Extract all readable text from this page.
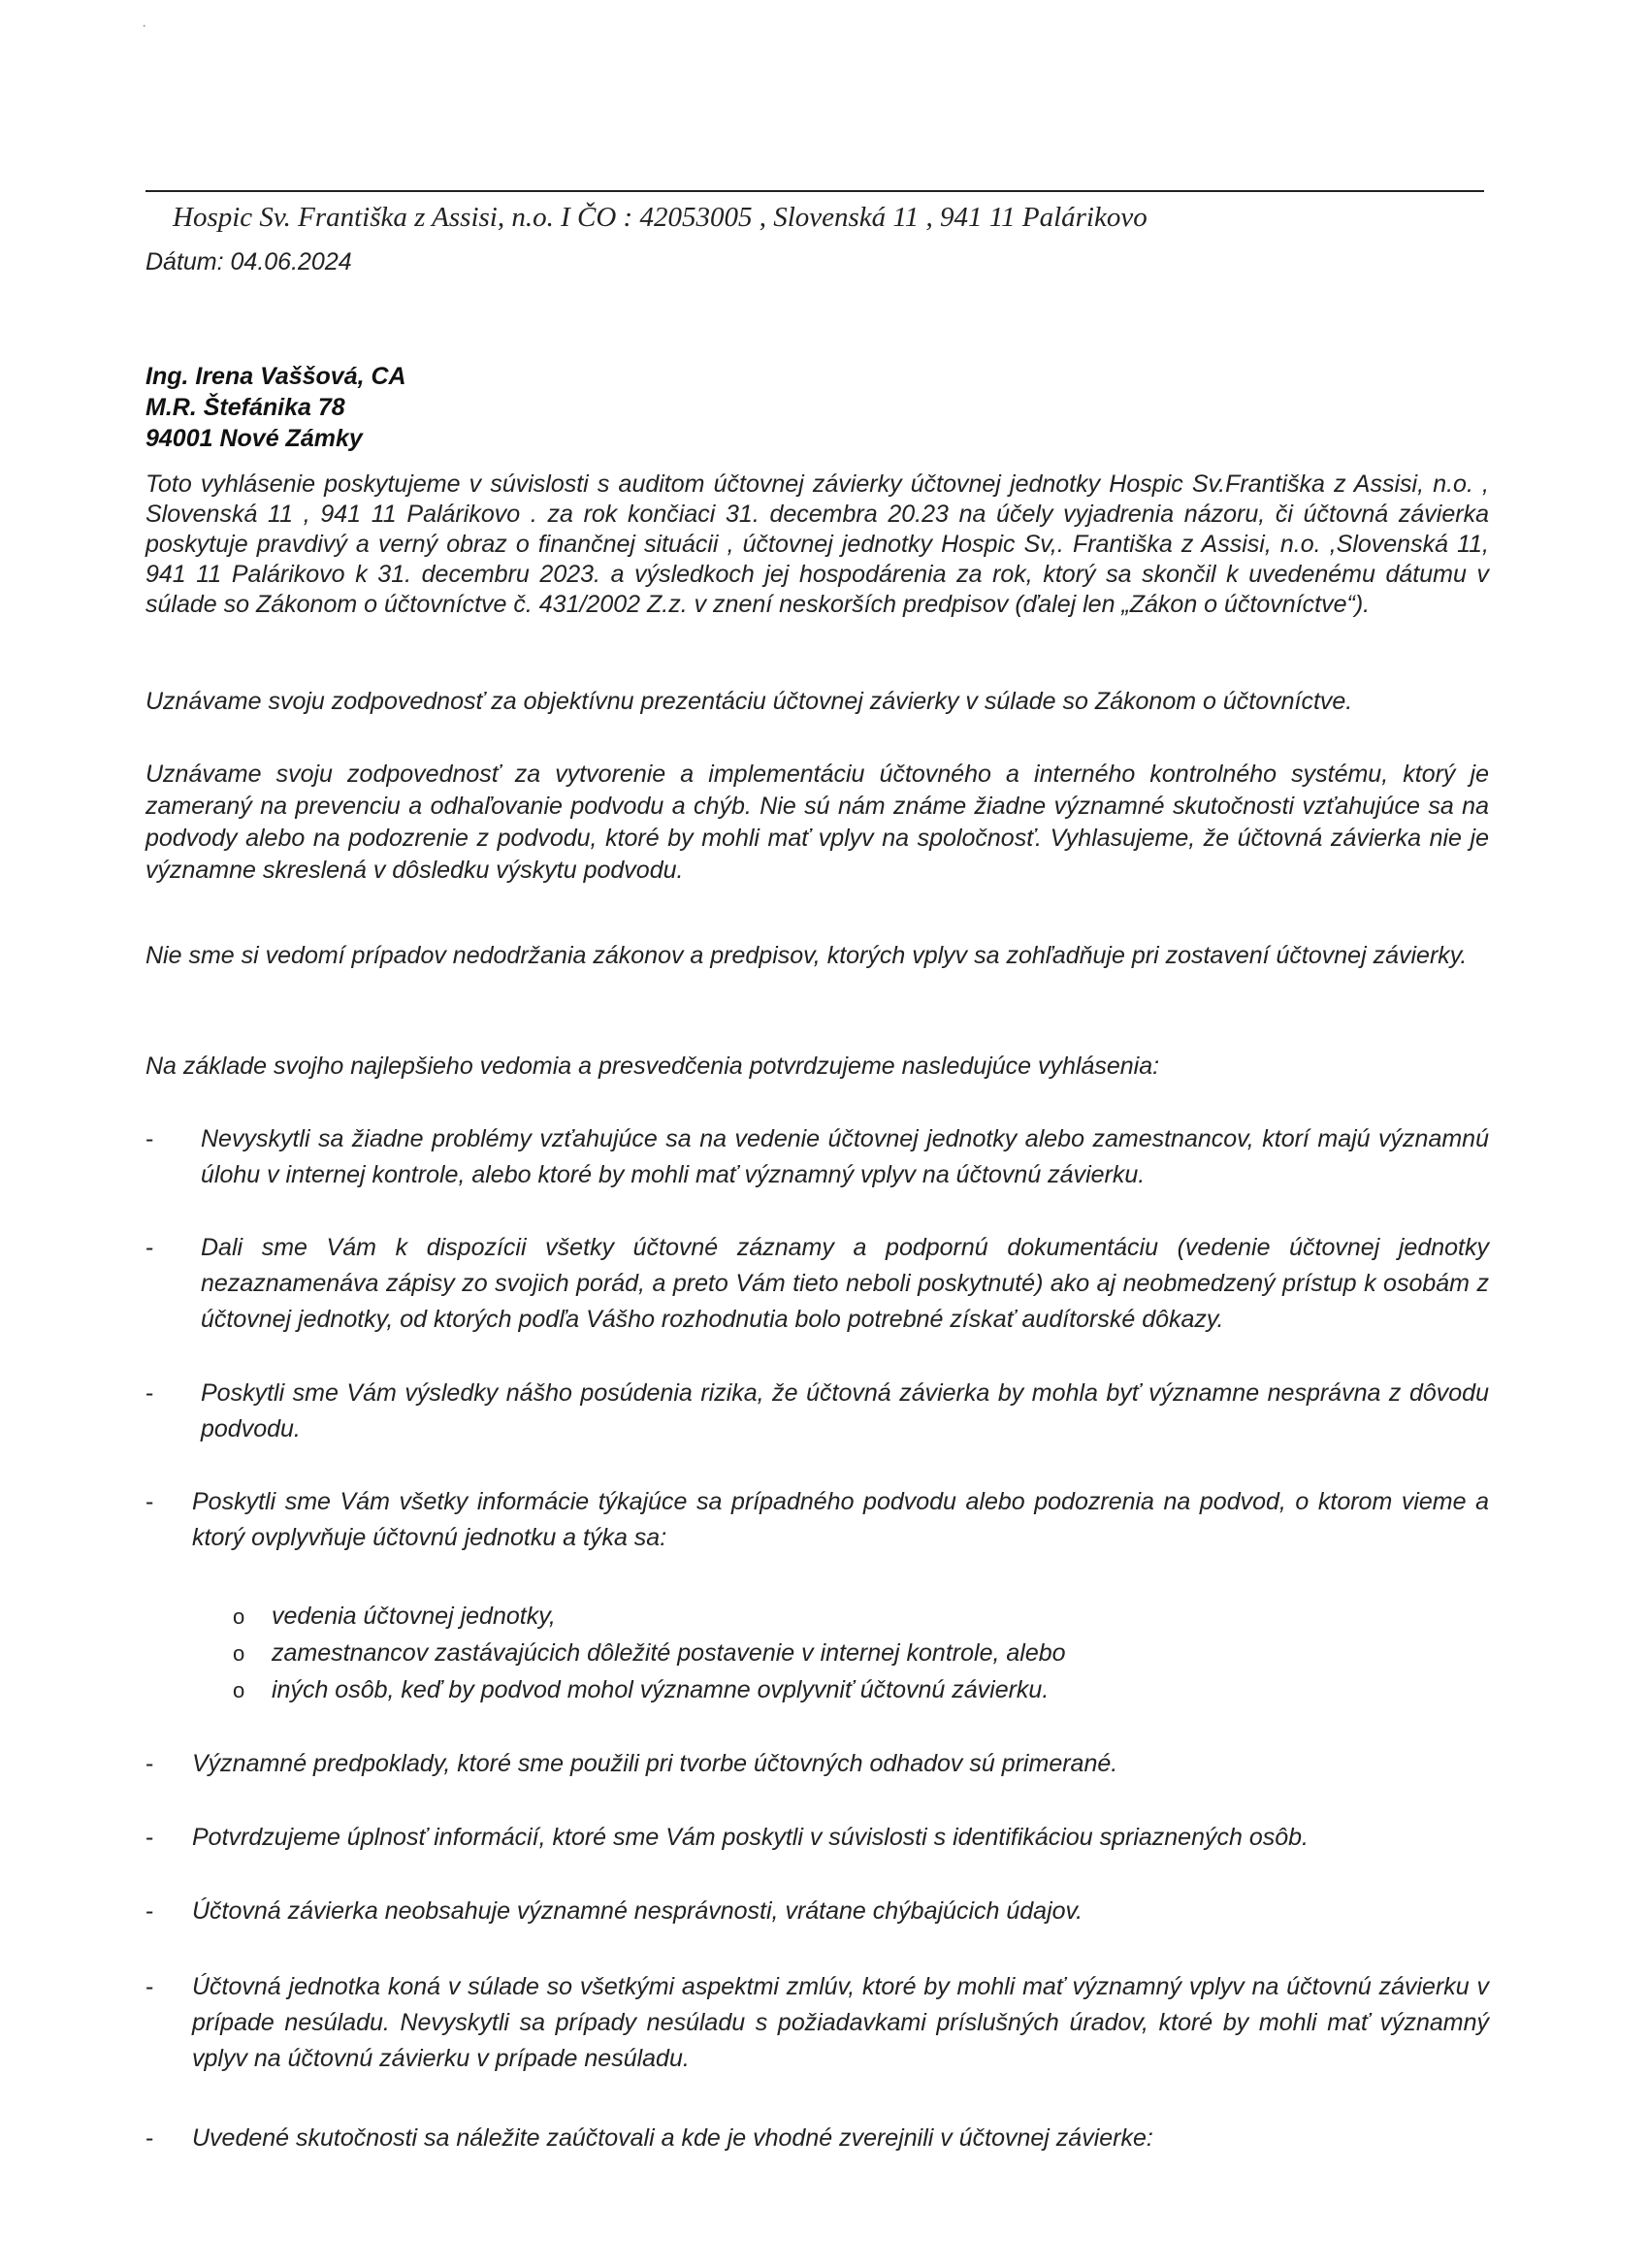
·
Hospic Sv. Františka z Assisi, n.o. I ČO : 42053005 , Slovenská 11 , 941 11 Palárikovo
Dátum: 04.06.2024
Ing. Irena Vaššová, CA
M.R. Štefánika 78
94001 Nové Zámky
Toto vyhlásenie poskytujeme v súvislosti s auditom účtovnej závierky účtovnej jednotky Hospic Sv.Františka z Assisi, n.o. , Slovenská 11 , 941 11 Palárikovo . za rok končiaci 31. decembra 20.23 na účely vyjadrenia názoru, či účtovná závierka poskytuje pravdivý a verný obraz o finančnej situácii , účtovnej jednotky Hospic Sv,. Františka z Assisi, n.o. ,Slovenská 11, 941 11 Palárikovo k 31. decembru 2023. a výsledkoch jej hospodárenia za rok, ktorý sa skončil k uvedenému dátumu v súlade so Zákonom o účtovníctve č. 431/2002 Z.z. v znení neskorších predpisov (ďalej len „Zákon o účtovníctve“).
Uznávame svoju zodpovednosť za objektívnu prezentáciu účtovnej závierky v súlade so Zákonom o účtovníctve.
Uznávame svoju zodpovednosť za vytvorenie a implementáciu účtovného a interného kontrolného systému, ktorý je zameraný na prevenciu a odhaľovanie podvodu a chýb. Nie sú nám známe žiadne významné skutočnosti vzťahujúce sa na podvody alebo na podozrenie z podvodu, ktoré by mohli mať vplyv na spoločnosť. Vyhlasujeme, že účtovná závierka nie je významne skreslená v dôsledku výskytu podvodu.
Nie sme si vedomí prípadov nedodržania zákonov a predpisov, ktorých vplyv sa zohľadňuje pri zostavení účtovnej závierky.
Na základe svojho najlepšieho vedomia a presvedčenia potvrdzujeme nasledujúce vyhlásenia:
- Nevyskytli sa žiadne problémy vzťahujúce sa na vedenie účtovnej jednotky alebo zamestnancov, ktorí majú významnú úlohu v internej kontrole, alebo ktoré by mohli mať významný vplyv na účtovnú závierku.
- Dali sme Vám k dispozícii všetky účtovné záznamy a podpornú dokumentáciu (vedenie účtovnej jednotky nezaznamenáva zápisy zo svojich porád, a preto Vám tieto neboli poskytnuté) ako aj neobmedzený prístup k osobám z účtovnej jednotky, od ktorých podľa Vášho rozhodnutia bolo potrebné získať audítorské dôkazy.
- Poskytli sme Vám výsledky nášho posúdenia rizika, že účtovná závierka by mohla byť významne nesprávna z dôvodu podvodu.
- Poskytli sme Vám všetky informácie týkajúce sa prípadného podvodu alebo podozrenia na podvod, o ktorom vieme a ktorý ovplyvňuje účtovnú jednotku a týka sa:
o vedenia účtovnej jednotky,
o zamestnancov zastávajúcich dôležité postavenie v internej kontrole, alebo
o iných osôb, keď by podvod mohol významne ovplyvniť účtovnú závierku.
- Významné predpoklady, ktoré sme použili pri tvorbe účtovných odhadov sú primerané.
- Potvrdzujeme úplnosť informácií, ktoré sme Vám poskytli v súvislosti s identifikáciou spriaznených osôb.
- Účtovná závierka neobsahuje významné nesprávnosti, vrátane chýbajúcich údajov.
- Účtovná jednotka koná v súlade so všetkými aspektmi zmlúv, ktoré by mohli mať významný vplyv na účtovnú závierku v prípade nesúladu. Nevyskytli sa prípady nesúladu s požiadavkami príslušných úradov, ktoré by mohli mať významný vplyv na účtovnú závierku v prípade nesúladu.
- Uvedené skutočnosti sa náležite zaúčtovali a kde je vhodné zverejnili v účtovnej závierke:
